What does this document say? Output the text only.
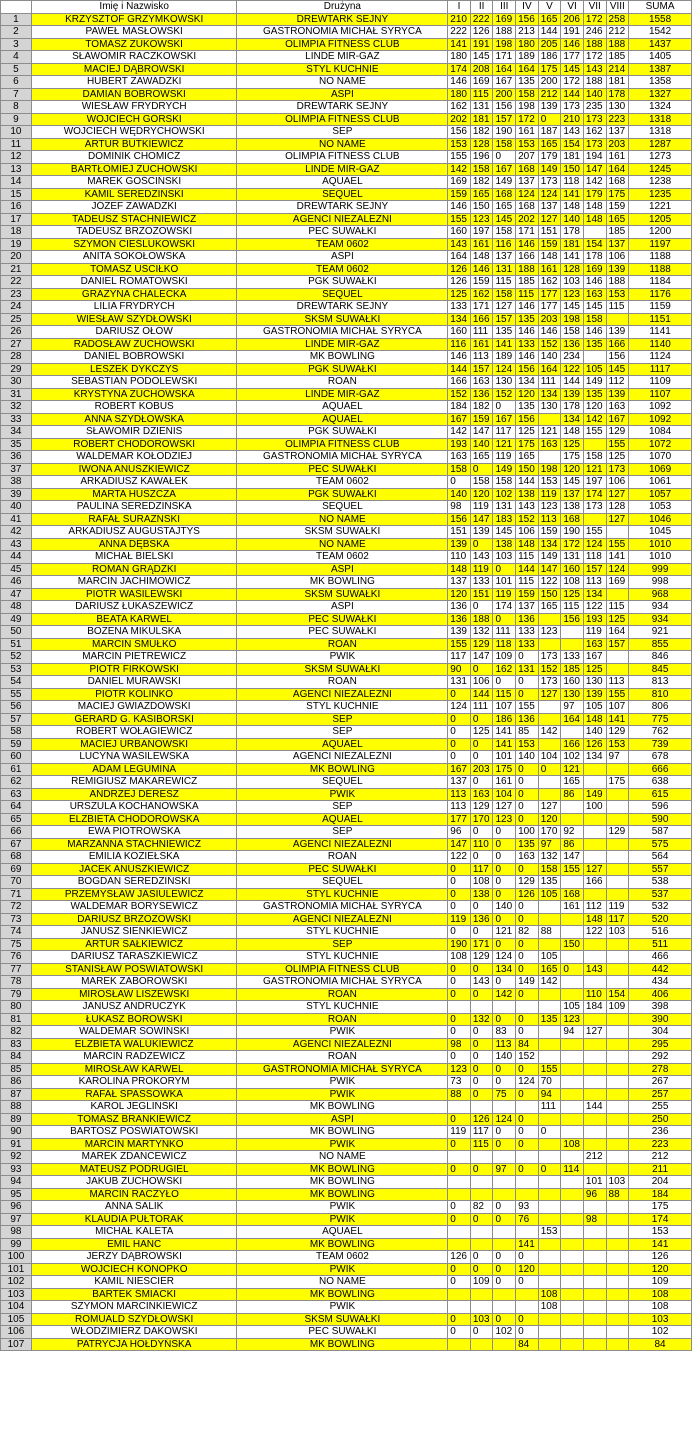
	Imię i Nazwisko	Drużyna	I	II	III	IV	V	VI	VII	VIII	SUMA
1	KRZYSZTOF GRZYMKOWSKI	DREWTARK SEJNY	210	222	169	156	165	206	172	258	1558
2	PAWEŁ MASŁOWSKI	GASTRONOMIA MICHAŁ SYRYCA	222	126	188	213	144	191	246	212	1542
3	TOMASZ ŻUKOWSKI	OLIMPIA FITNESS CLUB	141	191	198	180	205	146	188	188	1437
4	SŁAWOMIR RACZKOWSKI	LINDE MIR-GAZ	180	145	171	189	186	177	172	185	1405
5	MACIEJ DĄBROWSKI	STYL KUCHNIE	174	208	164	164	175	145	143	214	1387
6	HUBERT ZAWADZKI	NO NAME	146	169	167	135	200	172	188	181	1358
7	DAMIAN BOBROWSKI	ASPI	180	115	200	158	212	144	140	178	1327
8	WIESŁAW FRYDRYCH	DREWTARK SEJNY	162	131	156	198	139	173	235	130	1324
9	WOJCIECH GÓRSKI	OLIMPIA FITNESS CLUB	202	181	157	172	0	210	173	223	1318
10	WOJCIECH WĘDRYCHOWSKI	SEP	156	182	190	161	187	143	162	137	1318
11	ARTUR BUTKIEWICZ	NO NAME	153	128	158	153	165	154	173	203	1287
12	DOMINIK CHOMICZ	OLIMPIA FITNESS CLUB	155	196	0	207	179	181	194	161	1273
13	BARTŁOMIEJ ŻUCHOWSKI	LINDE MIR-GAZ	142	158	167	168	149	150	147	164	1245
14	MAREK GOŚCIŃSKI	AQUAEL	169	182	149	137	173	118	142	168	1238
15	KAMIL SEREDZIŃSKI	SEQUEL	159	165	168	124	124	141	179	175	1235
16	JÓZEF ZAWADZKI	DREWTARK SEJNY	146	150	165	168	137	148	148	159	1221
17	TADEUSZ STACHNIEWICZ	AGENCI NIEZALEŻNI	155	123	145	202	127	140	148	165	1205
18	TADEUSZ BRZOZOWSKI	PEC SUWAŁKI	160	197	158	171	151	178		185	1200
19	SZYMON CIEŚLUKOWSKI	TEAM 0602	143	161	116	146	159	181	154	137	1197
20	ANITA SOKOŁOWSKA	ASPI	164	148	137	166	148	141	178	106	1188
21	TOMASZ USCIŁKO	TEAM 0602	126	146	131	188	161	128	169	139	1188
22	DANIEL ROMATOWSKI	PGK SUWAŁKI	126	159	115	185	162	103	146	188	1184
23	GRAŻYNA CHALECKA	SEQUEL	125	162	158	115	177	123	163	153	1176
24	LILIA FRYDRYCH	DREWTARK SEJNY	133	171	127	146	177	145	145	115	1159
25	WIESŁAW SZYDŁOWSKI	SKSM SUWAŁKI	134	166	157	135	203	198	158		1151
26	DARIUSZ OŁÓW	GASTRONOMIA MICHAŁ SYRYCA	160	111	135	146	146	158	146	139	1141
27	RADOSŁAW ŻUCHOWSKI	LINDE MIR-GAZ	116	161	141	133	152	136	135	166	1140
28	DANIEL BOBROWSKI	MK BOWLING	146	113	189	146	140	234		156	1124
29	LESZEK DYKCZYS	PGK SUWAŁKI	144	157	124	156	164	122	105	145	1117
30	SEBASTIAN PODOLEWSKI	ROAN	166	163	130	134	111	144	149	112	1109
31	KRYSTYNA ŻUCHOWSKA	LINDE MIR-GAZ	152	136	152	120	134	139	135	139	1107
32	ROBERT KOBUS	AQUAEL	184	182	0	135	130	178	120	163	1092
33	ANNA SZYDŁOWSKA	AQUAEL	167	159	167	156		134	142	167	1092
34	SŁAWOMIR DZIENIS	PGK SUWAŁKI	142	147	117	125	121	148	155	129	1084
35	ROBERT CHODOROWSKI	OLIMPIA FITNESS CLUB	193	140	121	175	163	125		155	1072
36	WALDEMAR KOŁODZIEJ	GASTRONOMIA MICHAŁ SYRYCA	163	165	119	165		175	158	125	1070
37	IWONA ANUSZKIEWICZ	PEC SUWAŁKI	158	0	149	150	198	120	121	173	1069
38	ARKADIUSZ KAWAŁEK	TEAM 0602	0	158	158	144	153	145	197	106	1061
39	MARTA HUSZCZA	PGK SUWAŁKI	140	120	102	138	119	137	174	127	1057
40	PAULINA SEREDZIŃSKA	SEQUEL	98	119	131	143	123	138	173	128	1053
41	RAFAŁ SURAŻNSKI	NO NAME	156	147	183	152	113	168		127	1046
42	ARKADIUSZ AUGUSTAJTYS	SKSM SUWAŁKI	151	139	145	106	159	190	155		1045
43	ANNA DĘBSKA	NO NAME	139	0	138	148	134	172	124	155	1010
44	MICHAŁ BIELSKI	TEAM 0602	110	143	103	115	149	131	118	141	1010
45	ROMAN GRĄDZKI	ASPI	148	119	0	144	147	160	157	124	999
46	MARCIN JACHIMOWICZ	MK BOWLING	137	133	101	115	122	108	113	169	998
47	PIOTR WASILEWSKI	SKSM SUWAŁKI	120	151	119	159	150	125	134		968
48	DARIUSZ ŁUKASZEWICZ	ASPI	136	0	174	137	165	115	122	115	934
49	BEATA KARWEL	PEC SUWAŁKI	136	188	0	136		156	193	125	934
50	BOŻENA MIKULSKA	PEC SUWAŁKI	139	132	111	133	123		119	164	921
51	MARCIN SMUŁKO	ROAN	155	129	118	133			163	157	855
52	MARCIN PIETREWICZ	PWIK	117	147	109	0	173	133	167		846
53	PIOTR FIRKOWSKI	SKSM SUWAŁKI	90	0	162	131	152	185	125		845
54	DANIEL MURAWSKI	ROAN	131	106	0	0	173	160	130	113	813
55	PIOTR KOLINKO	AGENCI NIEZALEŻNI	0	144	115	0	127	130	139	155	810
56	MACIEJ GWIAZDOWSKI	STYL KUCHNIE	124	111	107	155		97	105	107	806
57	GERARD G. KASIBORSKI	SEP	0	0	186	136		164	148	141	775
58	ROBERT WOŁAGIEWICZ	SEP	0	125	141	85	142		140	129	762
59	MACIEJ URBANOWSKI	AQUAEL	0	0	141	153		166	126	153	739
60	LUCYNA WASILEWSKA	AGENCI NIEZALEŻNI	0	0	101	140	104	102	134	97	678
61	ADAM LEGUMINA	MK BOWLING	167	203	175	0	0	121			666
62	REMIGIUSZ MAKAREWICZ	SEQUEL	137	0	161	0		165		175	638
63	ANDRZEJ DERESZ	PWIK	113	163	104	0		86	149		615
64	URSZULA KOCHANOWSKA	SEP	113	129	127	0	127		100		596
65	ELŻBIETA CHODOROWSKA	AQUAEL	177	170	123	0	120				590
66	EWA PIOTROWSKA	SEP	96	0	0	100	170	92		129	587
67	MARZANNA STACHNIEWICZ	AGENCI NIEZALEŻNI	147	110	0	135	97	86			575
68	EMILIA KOZIEŁSKA	ROAN	122	0	0	163	132	147			564
69	JACEK ANUSZKIEWICZ	PEC SUWAŁKI	0	117	0	0	158	155	127		557
70	BOGDAN SEREDZIŃSKI	SEQUEL	0	108	0	129	135		166		538
71	PRZEMYSŁAW JASIULEWICZ	STYL KUCHNIE	0	138	0	126	105	168			537
72	WALDEMAR BORYSEWICZ	GASTRONOMIA MICHAŁ SYRYCA	0	0	140	0		161	112	119	532
73	DARIUSZ BRZOZOWSKI	AGENCI NIEZALEŻNI	119	136	0	0			148	117	520
74	JANUSZ SIENKIEWICZ	STYL KUCHNIE	0	0	121	82	88		122	103	516
75	ARTUR SAŁKIEWICZ	SEP	190	171	0	0		150			511
76	DARIUSZ TARASZKIEWICZ	STYL KUCHNIE	108	129	124	0	105				466
77	STANISŁAW POŚWIATOWSKI	OLIMPIA FITNESS CLUB	0	0	134	0	165	0	143		442
78	MAREK ZABOROWSKI	GASTRONOMIA MICHAŁ SYRYCA	0	143	0	149	142				434
79	MIROSŁAW LISZEWSKI	ROAN	0	0	142	0			110	154	406
80	JANUSZ ANDRUCZYK	STYL KUCHNIE						105	184	109	398
81	ŁUKASZ BOROWSKI	ROAN	0	132	0	0	135	123			390
82	WALDEMAR SOWIŃSKI	PWIK	0	0	83	0		94	127		304
83	ELŻBIETA WALUKIEWICZ	AGENCI NIEZALEŻNI	98	0	113	84					295
84	MARCIN RADZEWICZ	ROAN	0	0	140	152					292
85	MIROSŁAW KARWEL	GASTRONOMIA MICHAŁ SYRYCA	123	0	0	0	155				278
86	KAROLINA PROKORYM	PWIK	73	0	0	124	70				267
87	RAFAŁ SPASSOWKA	PWIK	88	0	75	0	94				257
88	KAROL JEGLIŃSKI	MK BOWLING					111		144		255
89	TOMASZ BRANKIEWICZ	ASPI	0	126	124	0					250
90	BARTOSZ POŚWIATOWSKI	MK BOWLING	119	117	0	0	0				236
91	MARCIN MARTYNKO	PWIK	0	115	0	0		108			223
92	MAREK ZDANCEWICZ	NO NAME							212		212
93	MATEUSZ PODRUGIEL	MK BOWLING	0	0	97	0	0	114			211
94	JAKUB ŻUCHOWSKI	MK BOWLING							101	103	204
95	MARCIN RACZYŁO	MK BOWLING							96	88	184
96	ANNA SALIK	PWIK	0	82	0	93					175
97	KLAUDIA PUŁTORAK	PWIK	0	0	0	76			98		174
98	MICHAŁ KALETA	AQUAEL					153				153
99	EMIL HANC	MK BOWLING				141					141
100	JERZY DĄBROWSKI	TEAM 0602	126	0	0	0					126
101	WOJCIECH KONOPKO	PWIK	0	0	0	120					120
102	KAMIL NIESCIER	NO NAME	0	109	0	0					109
103	BARTEK ŚMIACKI	MK BOWLING					108				108
104	SZYMON MARCINKIEWICZ	PWIK					108				108
105	ROMUALD SZYDŁOWSKI	SKSM SUWAŁKI	0	103	0	0					103
106	WŁODZIMIERZ DAKOWSKI	PEC SUWAŁKI	0	0	102	0					102
107	PATRYCJA HOŁDYŃSKA	MK BOWLING				84					84
